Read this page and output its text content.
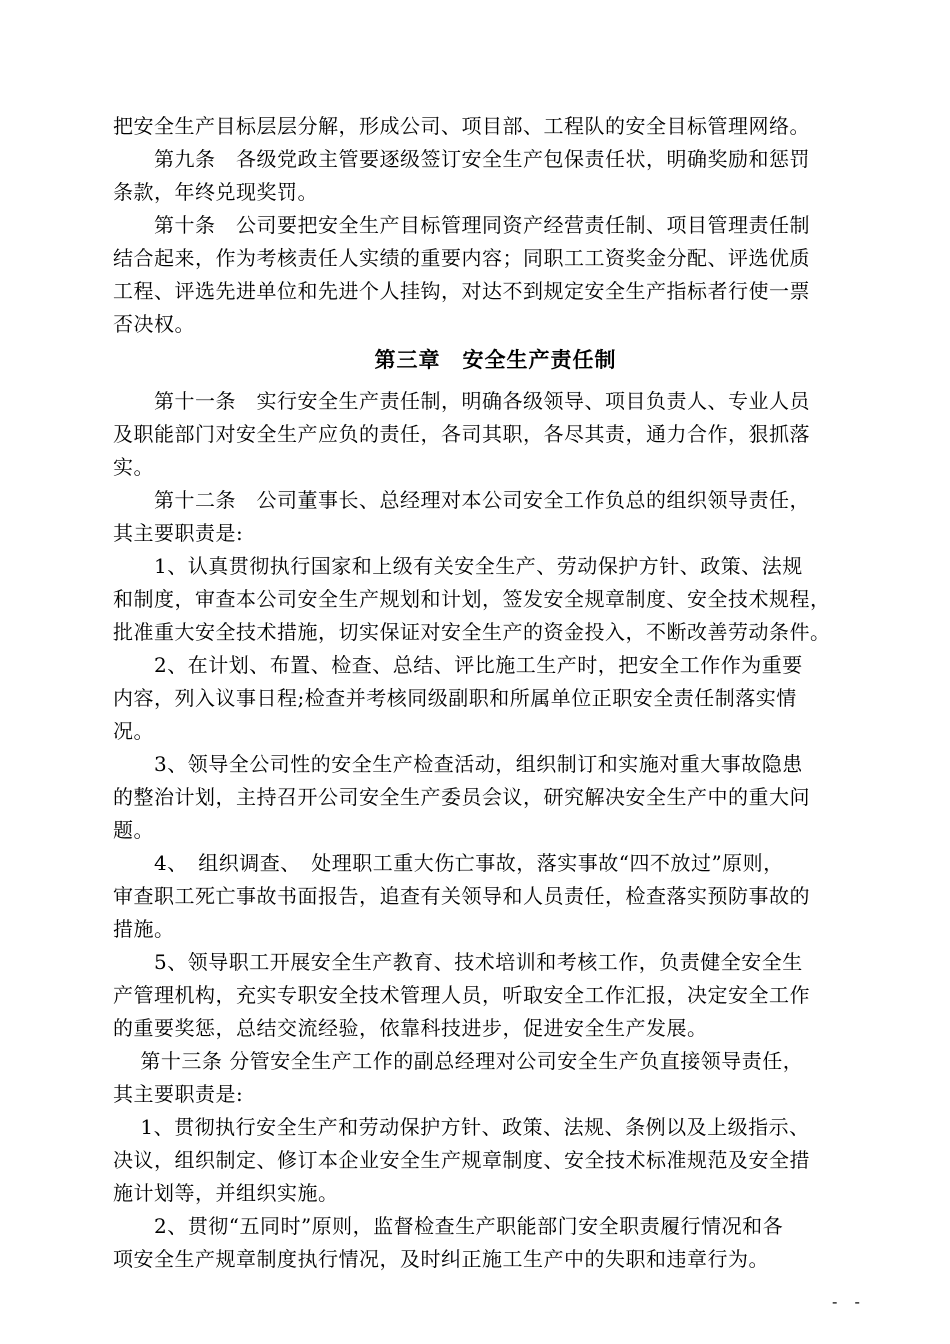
把安全生产目标层层分解，形成公司、项目部、工程队的安全目标管理网络。
　　第九条　各级党政主管要逐级签订安全生产包保责任状，明确奖励和惩罚
条款，年终兑现奖罚。
　　第十条　公司要把安全生产目标管理同资产经营责任制、项目管理责任制
结合起来，作为考核责任人实绩的重要内容；同职工工资奖金分配、评选优质
工程、评选先进单位和先进个人挂钩，对达不到规定安全生产指标者行使一票
否决权。
第三章　安全生产责任制
　　第十一条　实行安全生产责任制，明确各级领导、项目负责人、专业人员
及职能部门对安全生产应负的责任，各司其职，各尽其责，通力合作，狠抓落
实。
　　第十二条　公司董事长、总经理对本公司安全工作负总的组织领导责任，
其主要职责是:
　　1、认真贯彻执行国家和上级有关安全生产、劳动保护方针、政策、法规
和制度，审查本公司安全生产规划和计划，签发安全规章制度、安全技术规程，
批准重大安全技术措施，切实保证对安全生产的资金投入，不断改善劳动条件。
　　2、在计划、布置、检查、总结、评比施工生产时，把安全工作作为重要
内容，列入议事日程;检查并考核同级副职和所属单位正职安全责任制落实情
况。
　　3、领导全公司性的安全生产检查活动，组织制订和实施对重大事故隐患
的整治计划，主持召开公司安全生产委员会议，研究解决安全生产中的重大问
题。
　　4、　组织调查、　处理职工重大伤亡事故，落实事故“四不放过”原则，
审查职工死亡事故书面报告，追查有关领导和人员责任，检查落实预防事故的
措施。
　　5、领导职工开展安全生产教育、技术培训和考核工作，负责健全安全生
产管理机构，充实专职安全技术管理人员，听取安全工作汇报，决定安全工作
的重要奖惩，总结交流经验，依靠科技进步，促进安全生产发展。
　 第十三条 分管安全生产工作的副总经理对公司安全生产负直接领导责任，
其主要职责是:
　 1、贯彻执行安全生产和劳动保护方针、政策、法规、条例以及上级指示、
决议，组织制定、修订本企业安全生产规章制度、安全技术标准规范及安全措
施计划等，并组织实施。
　　2、贯彻“五同时”原则，监督检查生产职能部门安全职责履行情况和各
项安全生产规章制度执行情况，及时纠正施工生产中的失职和违章行为。
- -
